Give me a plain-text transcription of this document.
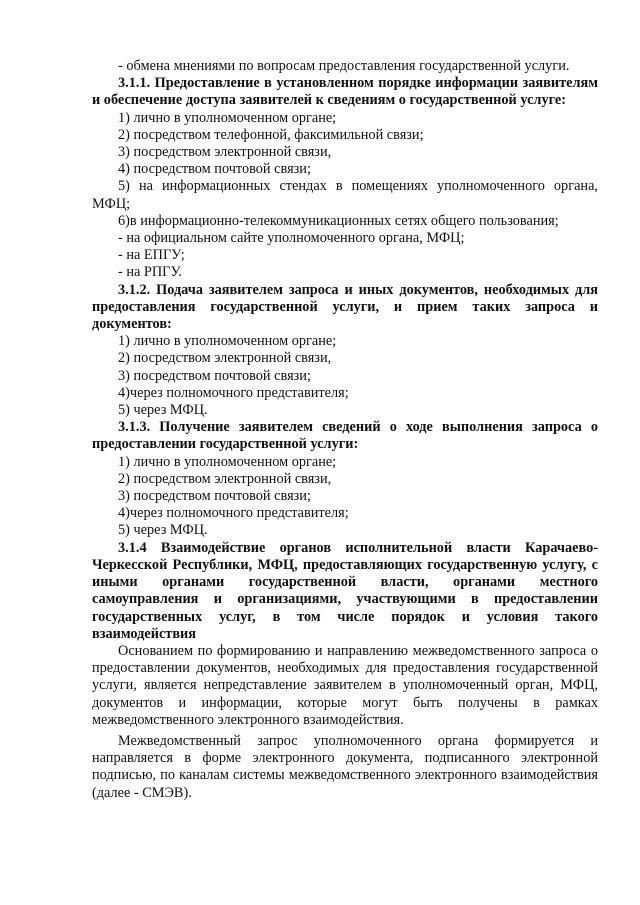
- обмена мнениями по вопросам предоставления государственной услуги.

3.1.1. Предоставление в установленном порядке информации заявителям и обеспечение доступа заявителей к сведениям о государственной услуге:

1) лично в уполномоченном органе;

2) посредством телефонной, факсимильной связи;

3) посредством электронной связи,

4) посредством почтовой связи;

5) на информационных стендах в помещениях уполномоченного органа, МФЦ;

6)в информационно-телекоммуникационных сетях общего пользования;

- на официальном сайте уполномоченного органа, МФЦ;

- на ЕПГУ;

- на РПГУ.

3.1.2. Подача заявителем запроса и иных документов, необходимых для предоставления государственной услуги, и прием таких запроса и документов:

1) лично в уполномоченном органе;

2) посредством электронной связи,

3) посредством почтовой связи;

4)через полномочного представителя;

5) через МФЦ.

3.1.3. Получение заявителем сведений о ходе выполнения запроса о предоставлении государственной услуги:

1) лично в уполномоченном органе;

2) посредством электронной связи,

3) посредством почтовой связи;

4)через полномочного представителя;

5) через МФЦ.

3.1.4 Взаимодействие органов исполнительной власти Карачаево-Черкесской Республики, МФЦ, предоставляющих государственную услугу, с иными органами государственной власти, органами местного самоуправления и организациями, участвующими в предоставлении государственных услуг, в том числе порядок и условия такого взаимодействия

Основанием по формированию и направлению межведомственного запроса о предоставлении документов, необходимых для предоставления государственной услуги, является непредставление заявителем в уполномоченный орган, МФЦ, документов и информации, которые могут быть получены в рамках межведомственного электронного взаимодействия.

Межведомственный запрос уполномоченного органа формируется и направляется в форме электронного документа, подписанного электронной подписью, по каналам системы межведомственного электронного взаимодействия (далее - СМЭВ).
